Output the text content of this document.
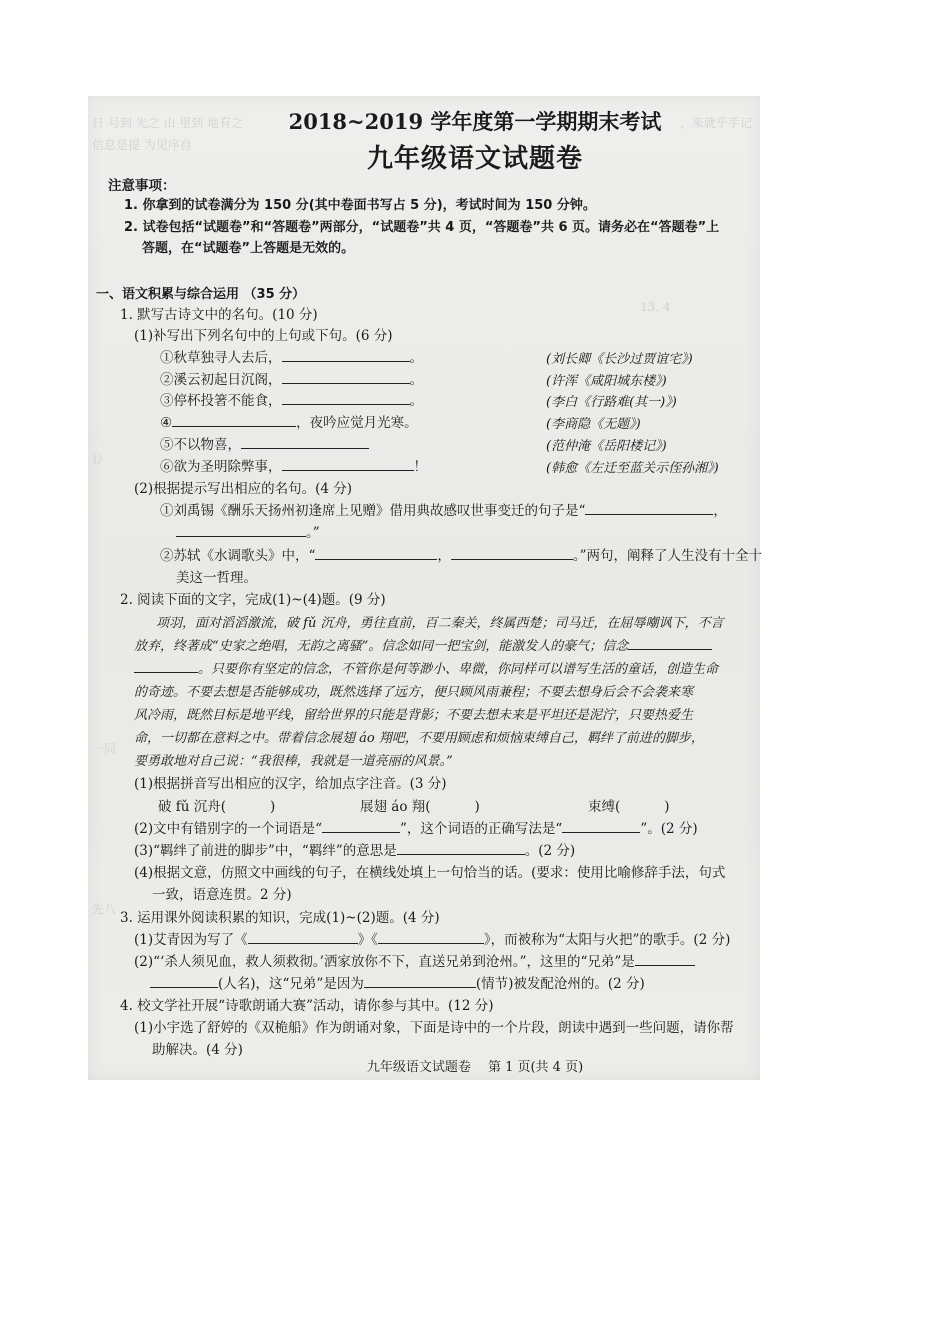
日 号到 光之 山 里到 地有之
信息是提 为见序自
，来就乎手记
13. 4
)》
一同
先八
2018~2019 学年度第一学期期末考试
九年级语文试题卷
注意事项：
1. 你拿到的试卷满分为 150 分(其中卷面书写占 5 分)，考试时间为 150 分钟。
2. 试卷包括“试题卷”和“答题卷”两部分，“试题卷”共 4 页，“答题卷”共 6 页。请务必在“答题卷”上
答题，在“试题卷”上答题是无效的。
一、语文积累与综合运用 （35 分）
1. 默写古诗文中的名句。(10 分)
(1)补写出下列名句中的上句或下句。(6 分)
①秋草独寻人去后，	。	(刘长卿《长沙过贾谊宅》)
②溪云初起日沉阁，	。	(许浑《咸阳城东楼》)
③停杯投箸不能食，	。	(李白《行路难(其一)》)
④	，夜吟应觉月光寒。	(李商隐《无题》)
⑤不以物喜，	(范仲淹《岳阳楼记》)
⑥欲为圣明除弊事，	！	(韩愈《左迁至蓝关示侄孙湘》)
(2)根据提示写出相应的名句。(4 分)
①刘禹锡《酬乐天扬州初逢席上见赠》借用典故感叹世事变迁的句子是“	，
。”
②苏轼《水调歌头》中，“	，	。”两句，阐释了人生没有十全十
美这一哲理。
2. 阅读下面的文字，完成(1)~(4)题。(9 分)
项羽，面对滔滔激流，破 fǔ 沉舟，勇往直前，百二秦关，终属西楚；司马迁，在屈辱嘲讽下，不言
放弃，终著成“史家之绝唱，无韵之离骚”。信念如同一把宝剑，能激发人的豪气；信念
。只要你有坚定的信念，不管你是何等渺小、卑微，你同样可以谱写生活的童话，创造生命
的奇迹。不要去想是否能够成功，既然选择了远方，便只顾风雨兼程；不要去想身后会不会袭来寒
风冷雨，既然目标是地平线，留给世界的只能是背影；不要去想未来是平坦还是泥泞，只要热爱生
命，一切都在意料之中。带着信念展翅 áo 翔吧，不要用顾虑和烦恼束缚自己，羁绊了前进的脚步，
要勇敢地对自己说：“我很棒，我就是一道亮丽的风景。”
(1)根据拼音写出相应的汉字，给加点字注音。(3 分)
破 fǔ 沉舟(	)	展翅 áo 翔(	)	束缚(	)
(2)文中有错别字的一个词语是“	”，这个词语的正确写法是“	”。(2 分)
(3)“羁绊了前进的脚步”中，“羁绊”的意思是	。(2 分)
(4)根据文意，仿照文中画线的句子，在横线处填上一句恰当的话。(要求：使用比喻修辞手法，句式
一致，语意连贯。2 分)
3. 运用课外阅读积累的知识，完成(1)~(2)题。(4 分)
(1)艾青因为写了《	》《	》，而被称为“太阳与火把”的歌手。(2 分)
(2)“‘杀人须见血，救人须救彻。’洒家放你不下，直送兄弟到沧州。”，这里的“兄弟”是
(人名)，这“兄弟”是因为	(情节)被发配沧州的。(2 分)
4. 校文学社开展“诗歌朗诵大赛”活动，请你参与其中。(12 分)
(1)小宇选了舒婷的《双桅船》作为朗诵对象，下面是诗中的一个片段，朗读中遇到一些问题，请你帮
助解决。(4 分)
九年级语文试题卷　 第 1 页(共 4 页)
